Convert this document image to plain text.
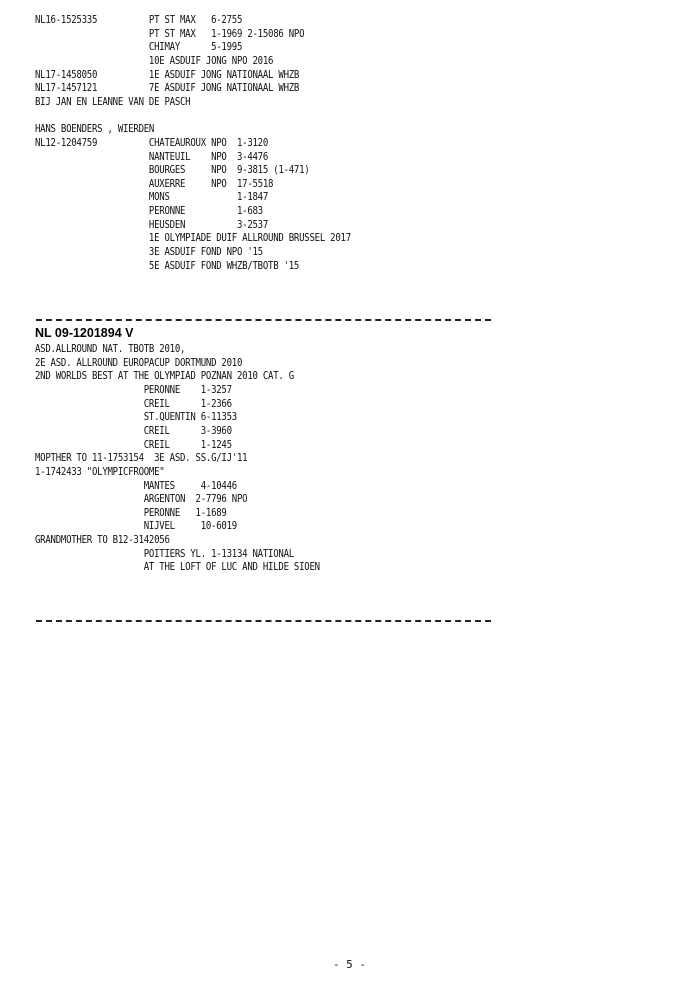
NL16-1525335          PT ST MAX   6-2755
PT ST MAX   1-1969 2-15086 NPO
CHIMAY      5-1995
10E ASDUIF JONG NPO 2016
NL17-1458050          1E ASDUIF JONG NATIONAAL WHZB
NL17-1457121          7E ASDUIF JONG NATIONAAL WHZB
BIJ JAN EN LEANNE VAN DE PASCH
HANS BOENDERS , WIERDEN
NL12-1204759          CHATEAUROUX NPO  1-3120
NANTEUIL    NPO  3-4476
BOURGES     NPO  9-3815 (1-471)
AUXERRE     NPO  17-5518
MONS             1-1847
PERONNE          1-683
HEUSDEN          3-2537
1E OLYMPIADE DUIF ALLROUND BRUSSEL 2017
3E ASDUIF FOND NPO '15
5E ASDUIF FOND WHZB/TBOTB '15
NL 09-1201894 V
ASD.ALLROUND NAT. TBOTB 2010,
2E ASD. ALLROUND EUROPACUP DORTMUND 2010
2ND WORLDS BEST AT THE OLYMPIAD POZNAN 2010 CAT. G
PERONNE    1-3257
CREIL      1-2366
ST.QUENTIN 6-11353
CREIL      3-3960
CREIL      1-1245
MOPTHER TO 11-1753154  3E ASD. SS.G/IJ'11
1-1742433 "OLYMPICFROOME"
MANTES     4-10446
ARGENTON  2-7796 NPO
PERONNE   1-1689
NIJVEL     10-6019
GRANDMOTHER TO B12-3142056
POITIERS YL. 1-13134 NATIONAL
AT THE LOFT OF LUC AND HILDE SIOEN
- 5 -
